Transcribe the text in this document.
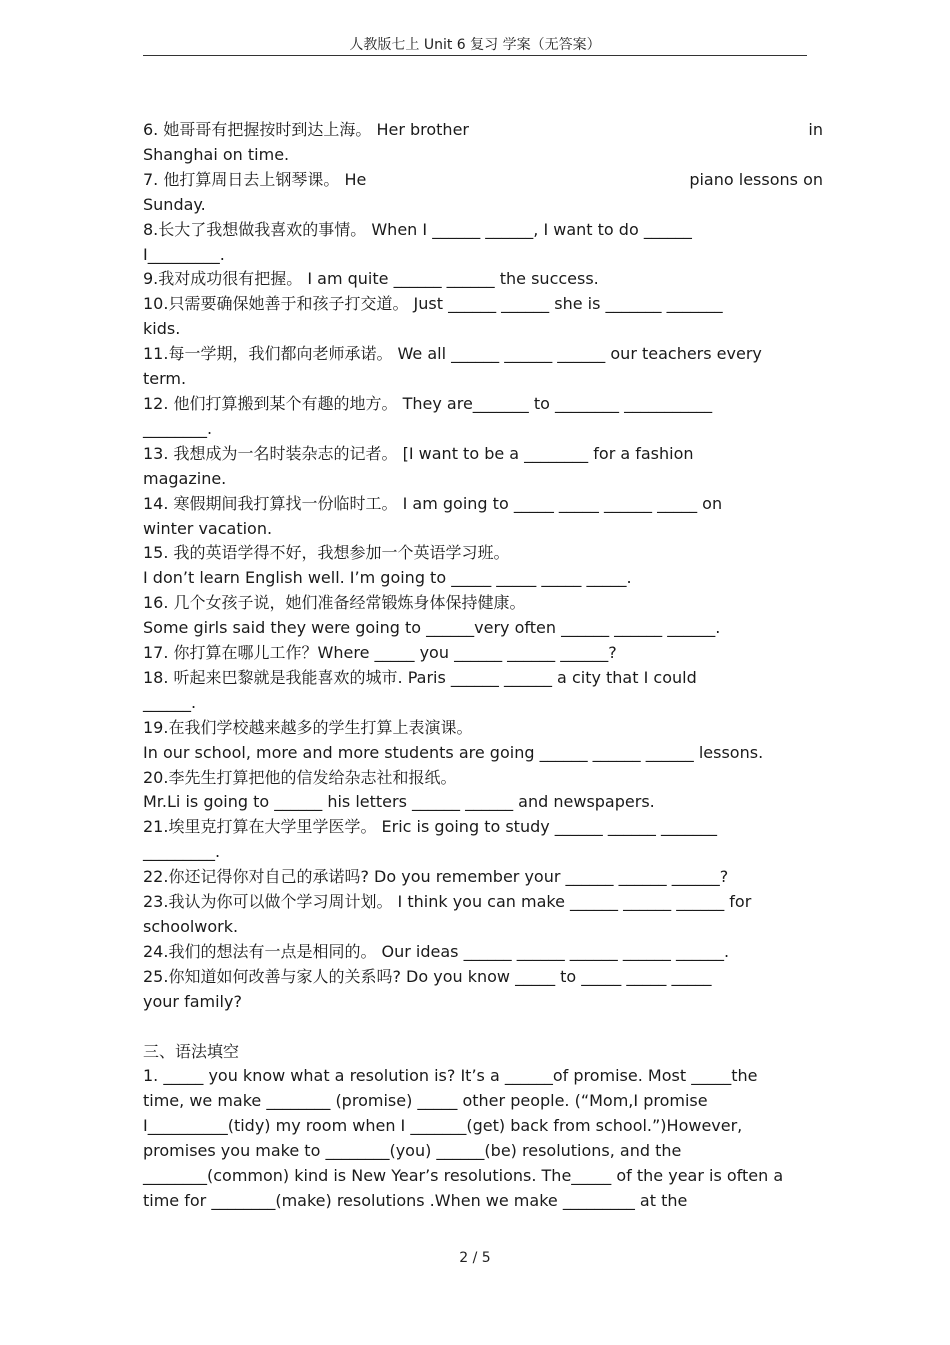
人教版七上 Unit 6 复习 学案（无答案）
6. 她哥哥有把握按时到达上海。 Her brother	in
Shanghai on time.
7. 他打算周日去上钢琴课。 He	piano lessons on
Sunday.
8.长大了我想做我喜欢的事情。 When I ______ ______, I want to do ______
I_________.
9.我对成功很有把握。 I am quite ______ ______ the success.
10.只需要确保她善于和孩子打交道。 Just ______ ______ she is _______ _______
kids.
11.每一学期，我们都向老师承诺。 We all ______ ______ ______ our teachers every
term.
12. 他们打算搬到某个有趣的地方。 They are_______ to ________ ___________
________.
13. 我想成为一名时装杂志的记者。 [I want to be a ________ for a fashion
magazine.
14. 寒假期间我打算找一份临时工。 I am going to _____ _____ ______ _____ on
winter vacation.
15. 我的英语学得不好，我想参加一个英语学习班。
I don’t learn English well. I’m going to _____ _____ _____ _____.
16. 几个女孩子说，她们准备经常锻炼身体保持健康。
Some girls said they were going to ______very often ______ ______ ______.
17. 你打算在哪儿工作？Where _____ you ______ ______ ______?
18. 听起来巴黎就是我能喜欢的城市. Paris ______ ______ a city that I could
______.
19.在我们学校越来越多的学生打算上表演课。
In our school, more and more students are going ______ ______ ______ lessons.
20.李先生打算把他的信发给杂志社和报纸。
Mr.Li is going to ______ his letters ______ ______ and newspapers.
21.埃里克打算在大学里学医学。 Eric is going to study ______ ______ _______
_________.
22.你还记得你对自己的承诺吗? Do you remember your ______ ______ ______?
23.我认为你可以做个学习周计划。 I think you can make ______ ______ ______ for
schoolwork.
24.我们的想法有一点是相同的。 Our ideas ______ ______ ______ ______ ______.
25.你知道如何改善与家人的关系吗? Do you know _____ to _____ _____ _____
your family?
三、语法填空
1. _____ you know what a resolution is? It’s a ______of promise. Most _____the
time, we make ________ (promise) _____ other people. (“Mom,I promise
I__________(tidy) my room when I _______(get) back from school.”)However,
promises you make to ________(you) ______(be) resolutions, and the
________(common) kind is New Year’s resolutions. The_____ of the year is often a
time for ________(make) resolutions .When we make _________ at the
2 / 5
